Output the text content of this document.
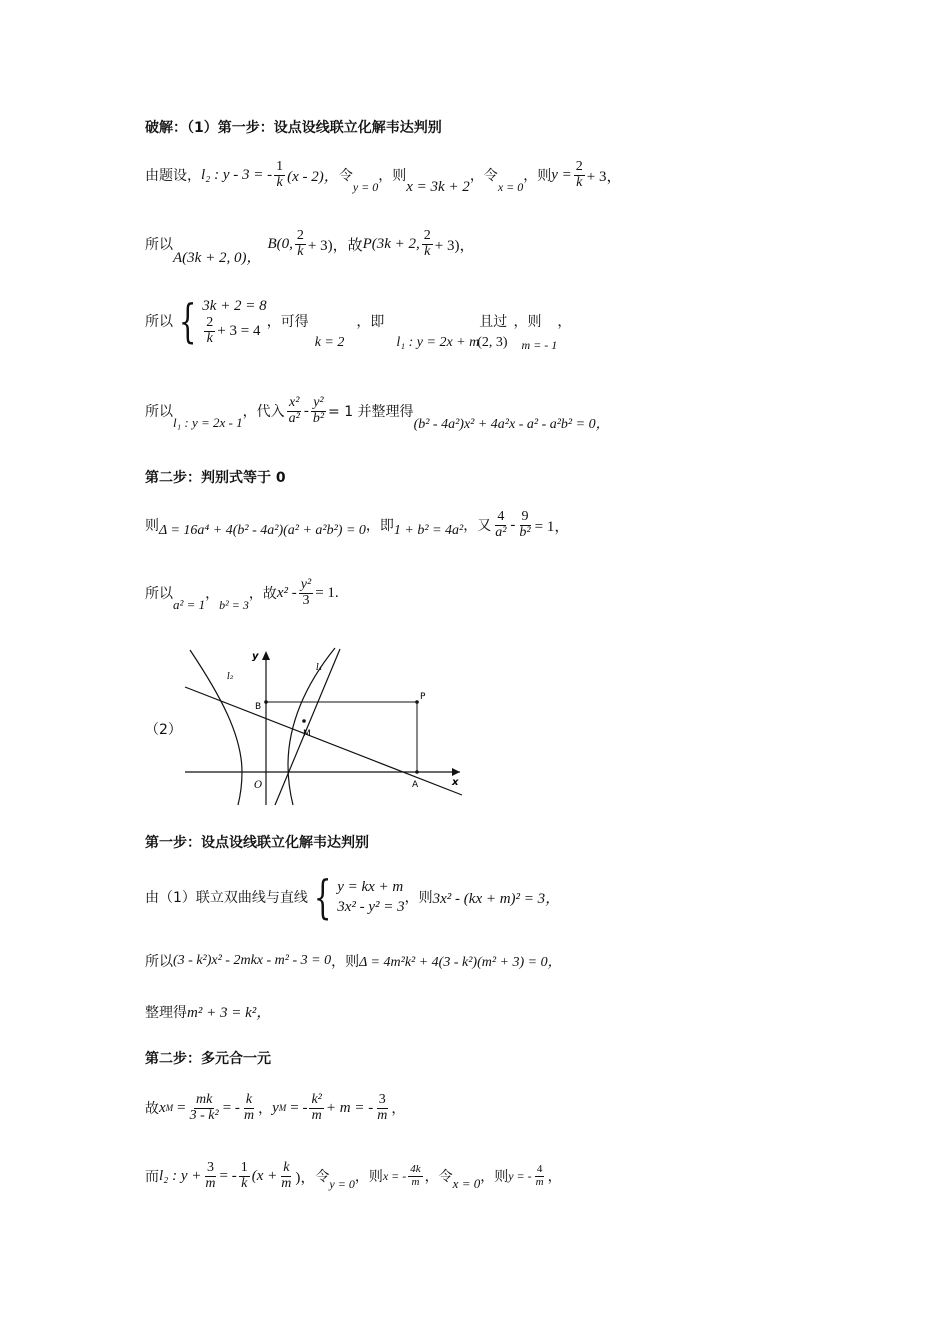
破解：（1）第一步：设点设线联立化解韦达判别
由题设， l₂ : y - 3 = - $\frac{1}{k} (x - 2)$， 令
y = 0
，则
x = 3k + 2
，令
x = 0
，则 $y = \frac{2}{k} + 3$，
所以
A(3k + 2, 0)，
B(0, $\frac{2}{k} + 3$)，故 P(3k + 2, $\frac{2}{k} + 3$)，
所以 { 3k + 2 = 8
$\frac{2}{k} + 3 = 4$
，可得
k = 2
，即
l₁ : y = 2x + m
且过
(2, 3)
，则
m = - 1
，
所以
l₁ : y = 2x - 1
，代入 $\frac{\text{x²}}{\text{a²}} - \frac{\text{y²}}{\text{b²}} = 1$ 并整理得
(b² - 4a²)x² + 4a²x - a² - a²b² = 0，
第二步：判别式等于 0
则 Δ = 16a⁴ + 4(b² - 4a²)(a² + a²b²) = 0 ，即 1 + b² = 4a² ，又 $\frac{4}{\text{a²}} - \frac{9}{\text{b²}} = 1$，
所以
a² = 1
，
b² = 3
，故 $x^2 - \frac{\text{y²}}{3} = 1$.
（2）
y
x
O
B
P
M
A
l₂
l₁
第一步：设点设线联立化解韦达判别
由（1）联立双曲线与直线 { y = kx + m
3x² - y² = 3
，则 3x² - (kx + m)² = 3，
所以 (3 - k²)x² - 2mkx - m² - 3 = 0 ，则 Δ = 4m²k² + 4(3 - k²)(m² + 3) = 0，
整理得 m² + 3 = k²，
第二步：多元合一元
故 x $M = \frac{mk}{\text{3 - k²}}$ = - $\frac{k}{m}$ ， y M = - $\frac{\text{k²}}{m} + m$ = - $\frac{3}{m}$ ，
而 l₂ : $y + \frac{3}{m}$ = - $\frac{1}{k} (x + \frac{k}{m}$ )， 令 y = 0 ，则 x = - $\frac{4k}{m}$ ，令 x = 0 ，则 y = - $\frac{4}{m}$ ，
